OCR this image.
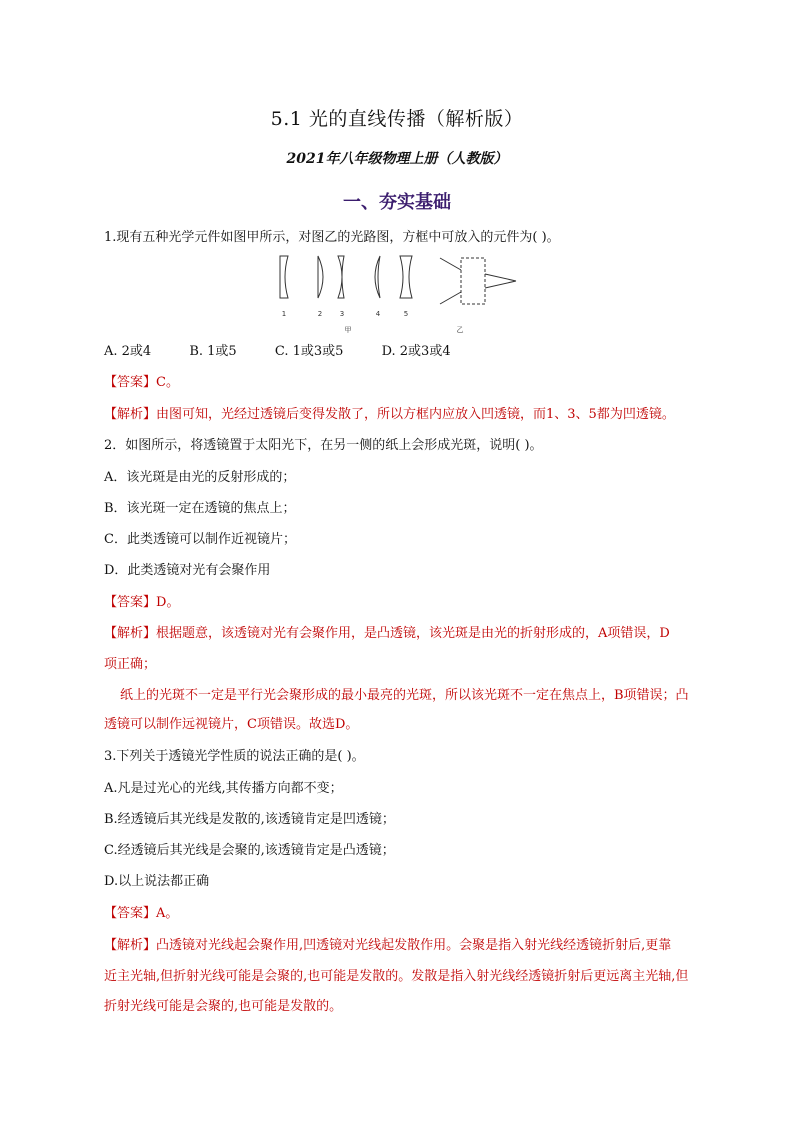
5.1 光的直线传播（解析版）
2021年八年级物理上册（人教版）
一、夯实基础
1.现有五种光学元件如图甲所示，对图乙的光路图，方框中可放入的元件为( )。
1	2	3	4	5
甲	乙
A. 2或4	B. 1或5	C. 1或3或5	D. 2或3或4
【答案】C。
【解析】由图可知，光经过透镜后变得发散了，所以方框内应放入凹透镜，而1、3、5都为凹透镜。
2．如图所示，将透镜置于太阳光下，在另一侧的纸上会形成光斑，说明( )。
A．该光斑是由光的反射形成的；
B．该光斑一定在透镜的焦点上；
C．此类透镜可以制作近视镜片；
D．此类透镜对光有会聚作用
【答案】D。
【解析】根据题意，该透镜对光有会聚作用，是凸透镜，该光斑是由光的折射形成的，A项错误，D
项正确；
纸上的光斑不一定是平行光会聚形成的最小最亮的光斑，所以该光斑不一定在焦点上，B项错误；凸
透镜可以制作远视镜片，C项错误。故选D。
3.下列关于透镜光学性质的说法正确的是( )。
A.凡是过光心的光线,其传播方向都不变；
B.经透镜后其光线是发散的,该透镜肯定是凹透镜；
C.经透镜后其光线是会聚的,该透镜肯定是凸透镜；
D.以上说法都正确
【答案】A。
【解析】凸透镜对光线起会聚作用,凹透镜对光线起发散作用。会聚是指入射光线经透镜折射后,更靠
近主光轴,但折射光线可能是会聚的,也可能是发散的。发散是指入射光线经透镜折射后更远离主光轴,但
折射光线可能是会聚的,也可能是发散的。
